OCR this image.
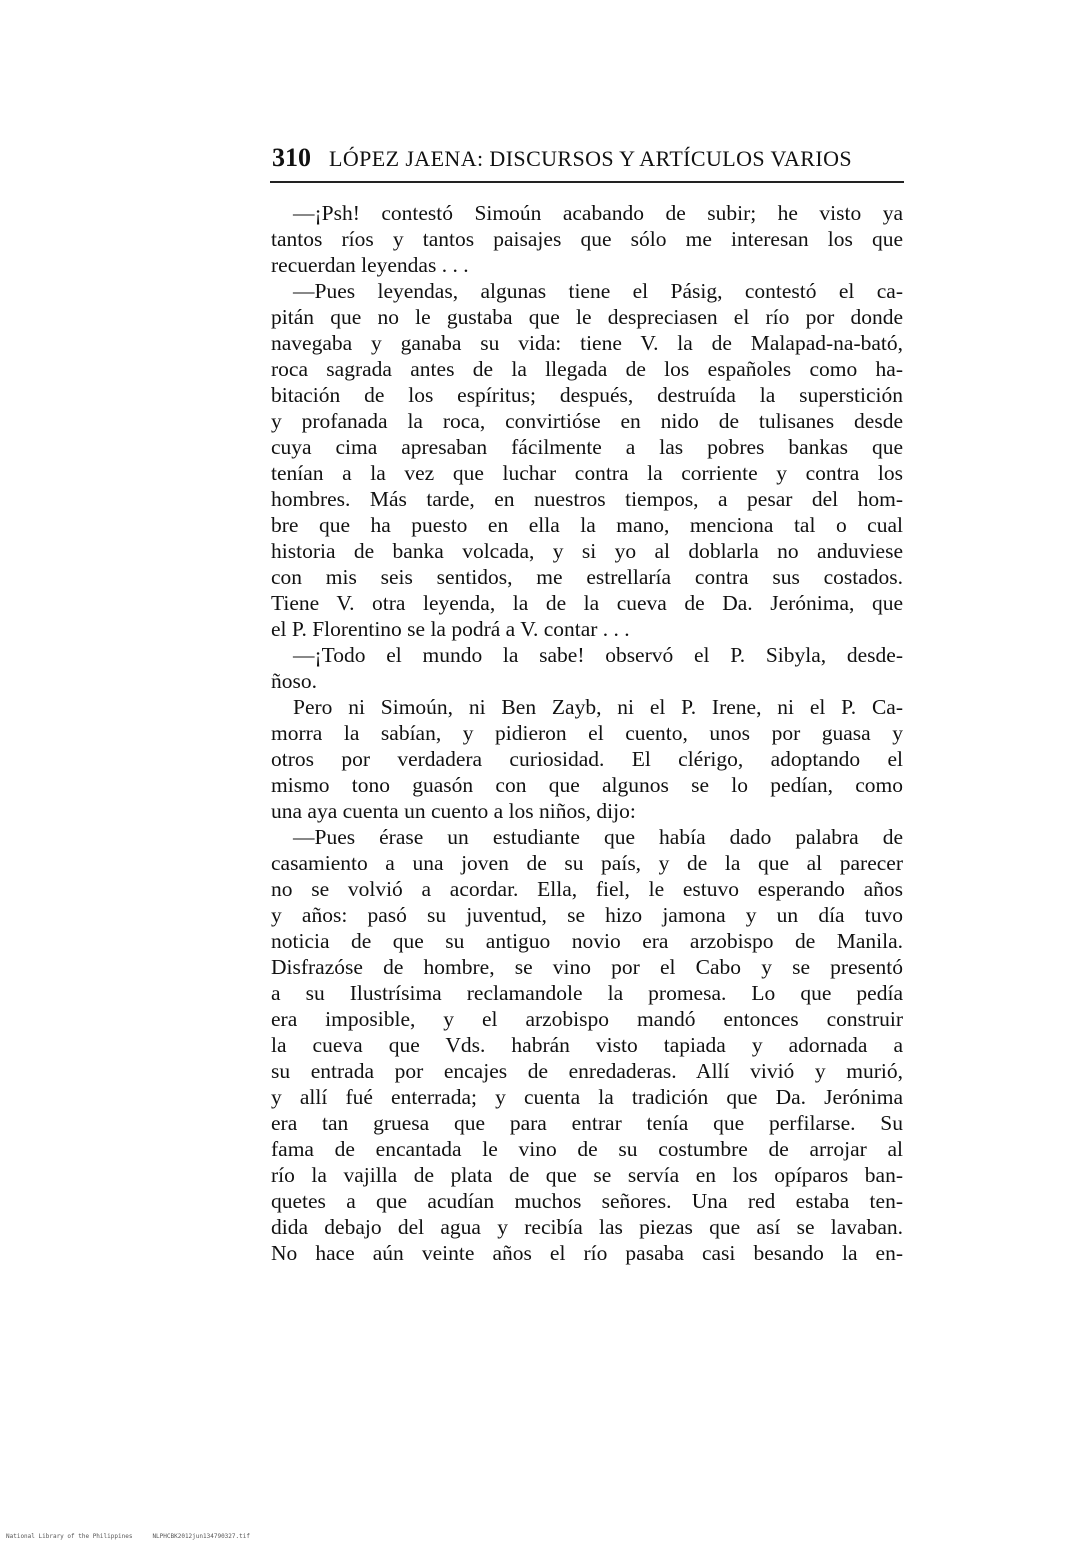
310 LÓPEZ JAENA: DISCURSOS Y ARTÍCULOS VARIOS
—¡Psh! contestó Simoún acabando de subir; he visto ya
tantos ríos y tantos paisajes que sólo me interesan los que
recuerdan leyendas . . .
—Pues leyendas, algunas tiene el Pásig, contestó el ca-
pitán que no le gustaba que le despreciasen el río por donde
navegaba y ganaba su vida: tiene V. la de Malapad-na-bató,
roca sagrada antes de la llegada de los españoles como ha-
bitación de los espíritus; después, destruída la superstición
y profanada la roca, convirtióse en nido de tulisanes desde
cuya cima apresaban fácilmente a las pobres bankas que
tenían a la vez que luchar contra la corriente y contra los
hombres. Más tarde, en nuestros tiempos, a pesar del hom-
bre que ha puesto en ella la mano, menciona tal o cual
historia de banka volcada, y si yo al doblarla no anduviese
con mis seis sentidos, me estrellaría contra sus costados.
Tiene V. otra leyenda, la de la cueva de Da. Jerónima, que
el P. Florentino se la podrá a V. contar . . .
—¡Todo el mundo la sabe! observó el P. Sibyla, desde-
ñoso.
Pero ni Simoún, ni Ben Zayb, ni el P. Irene, ni el P. Ca-
morra la sabían, y pidieron el cuento, unos por guasa y
otros por verdadera curiosidad. El clérigo, adoptando el
mismo tono guasón con que algunos se lo pedían, como
una aya cuenta un cuento a los niños, dijo:
—Pues érase un estudiante que había dado palabra de
casamiento a una joven de su país, y de la que al parecer
no se volvió a acordar. Ella, fiel, le estuvo esperando años
y años: pasó su juventud, se hizo jamona y un día tuvo
noticia de que su antiguo novio era arzobispo de Manila.
Disfrazóse de hombre, se vino por el Cabo y se presentó
a su Ilustrísima reclamandole la promesa. Lo que pedía
era imposible, y el arzobispo mandó entonces construir
la cueva que Vds. habrán visto tapiada y adornada a
su entrada por encajes de enredaderas. Allí vivió y murió,
y allí fué enterrada; y cuenta la tradición que Da. Jerónima
era tan gruesa que para entrar tenía que perfilarse. Su
fama de encantada le vino de su costumbre de arrojar al
río la vajilla de plata de que se servía en los opíparos ban-
quetes a que acudían muchos señores. Una red estaba ten-
dida debajo del agua y recibía las piezas que así se lavaban.
No hace aún veinte años el río pasaba casi besando la en-
National Library of the Philippines	NLPHCBK2012jun134790327.tif
